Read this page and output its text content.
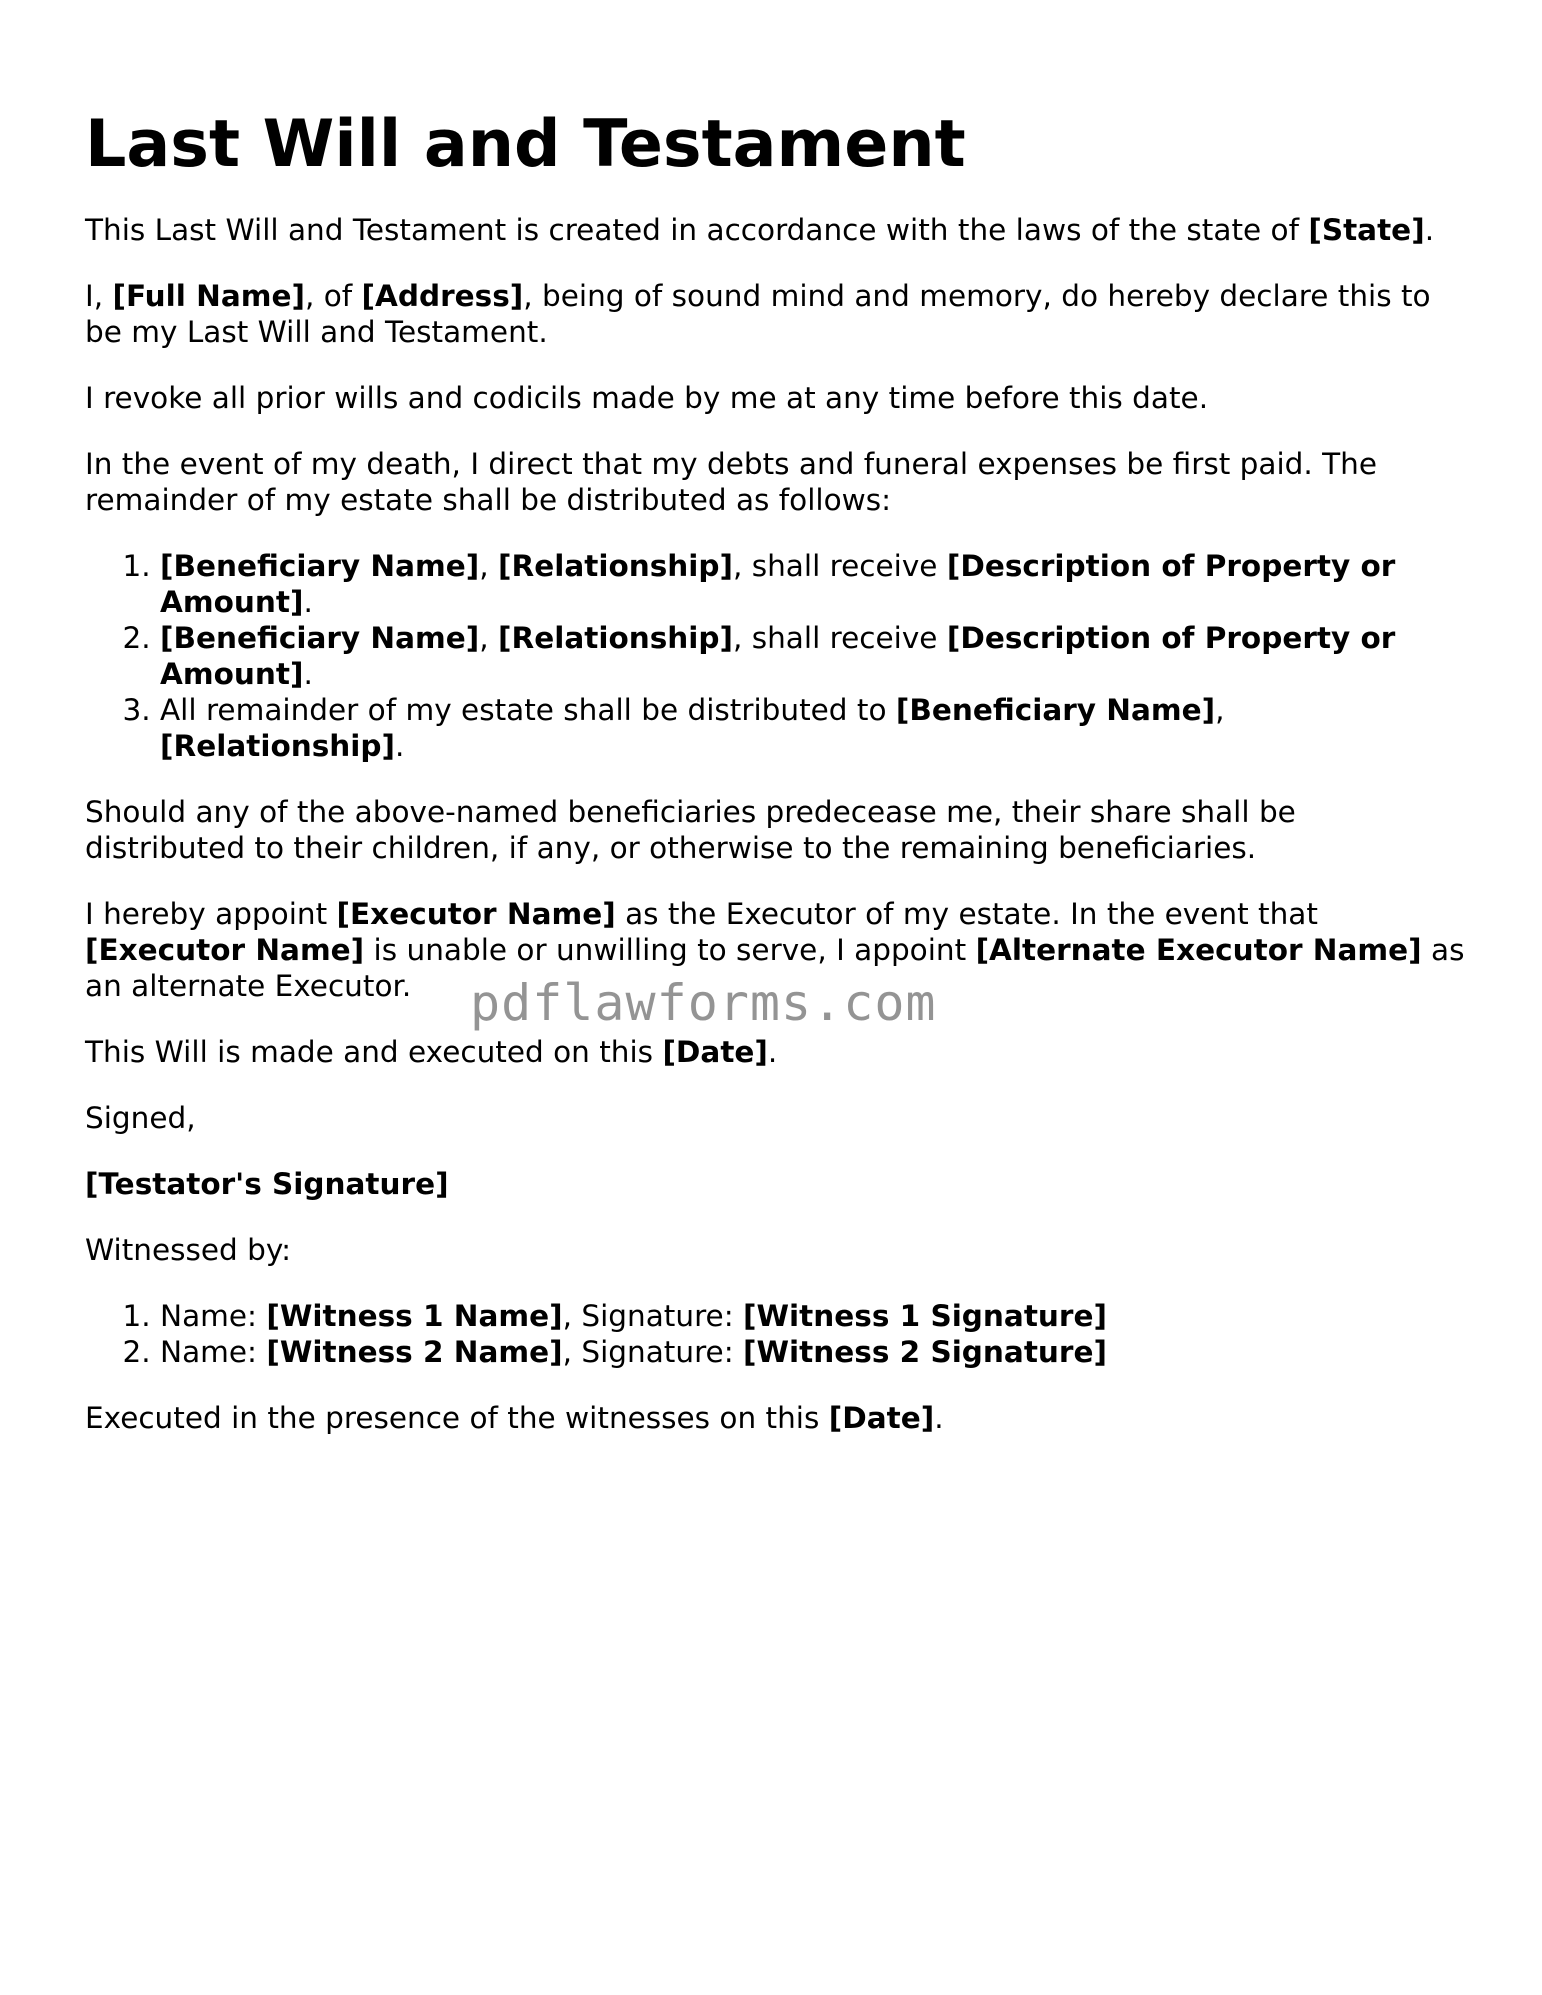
Last Will and Testament

This Last Will and Testament is created in accordance with the laws of the state of [State].

I, [Full Name], of [Address], being of sound mind and memory, do hereby declare this to be my Last Will and Testament.

I revoke all prior wills and codicils made by me at any time before this date.

In the event of my death, I direct that my debts and funeral expenses be first paid. The remainder of my estate shall be distributed as follows:

1. [Beneficiary Name], [Relationship], shall receive [Description of Property or Amount].
2. [Beneficiary Name], [Relationship], shall receive [Description of Property or Amount].
3. All remainder of my estate shall be distributed to [Beneficiary Name], [Relationship].

Should any of the above-named beneficiaries predecease me, their share shall be distributed to their children, if any, or otherwise to the remaining beneficiaries.

I hereby appoint [Executor Name] as the Executor of my estate. In the event that [Executor Name] is unable or unwilling to serve, I appoint [Alternate Executor Name] as an alternate Executor.

This Will is made and executed on this [Date].

Signed,

[Testator's Signature]

Witnessed by:

1. Name: [Witness 1 Name], Signature: [Witness 1 Signature]
2. Name: [Witness 2 Name], Signature: [Witness 2 Signature]

Executed in the presence of the witnesses on this [Date].

pdflawforms.com
